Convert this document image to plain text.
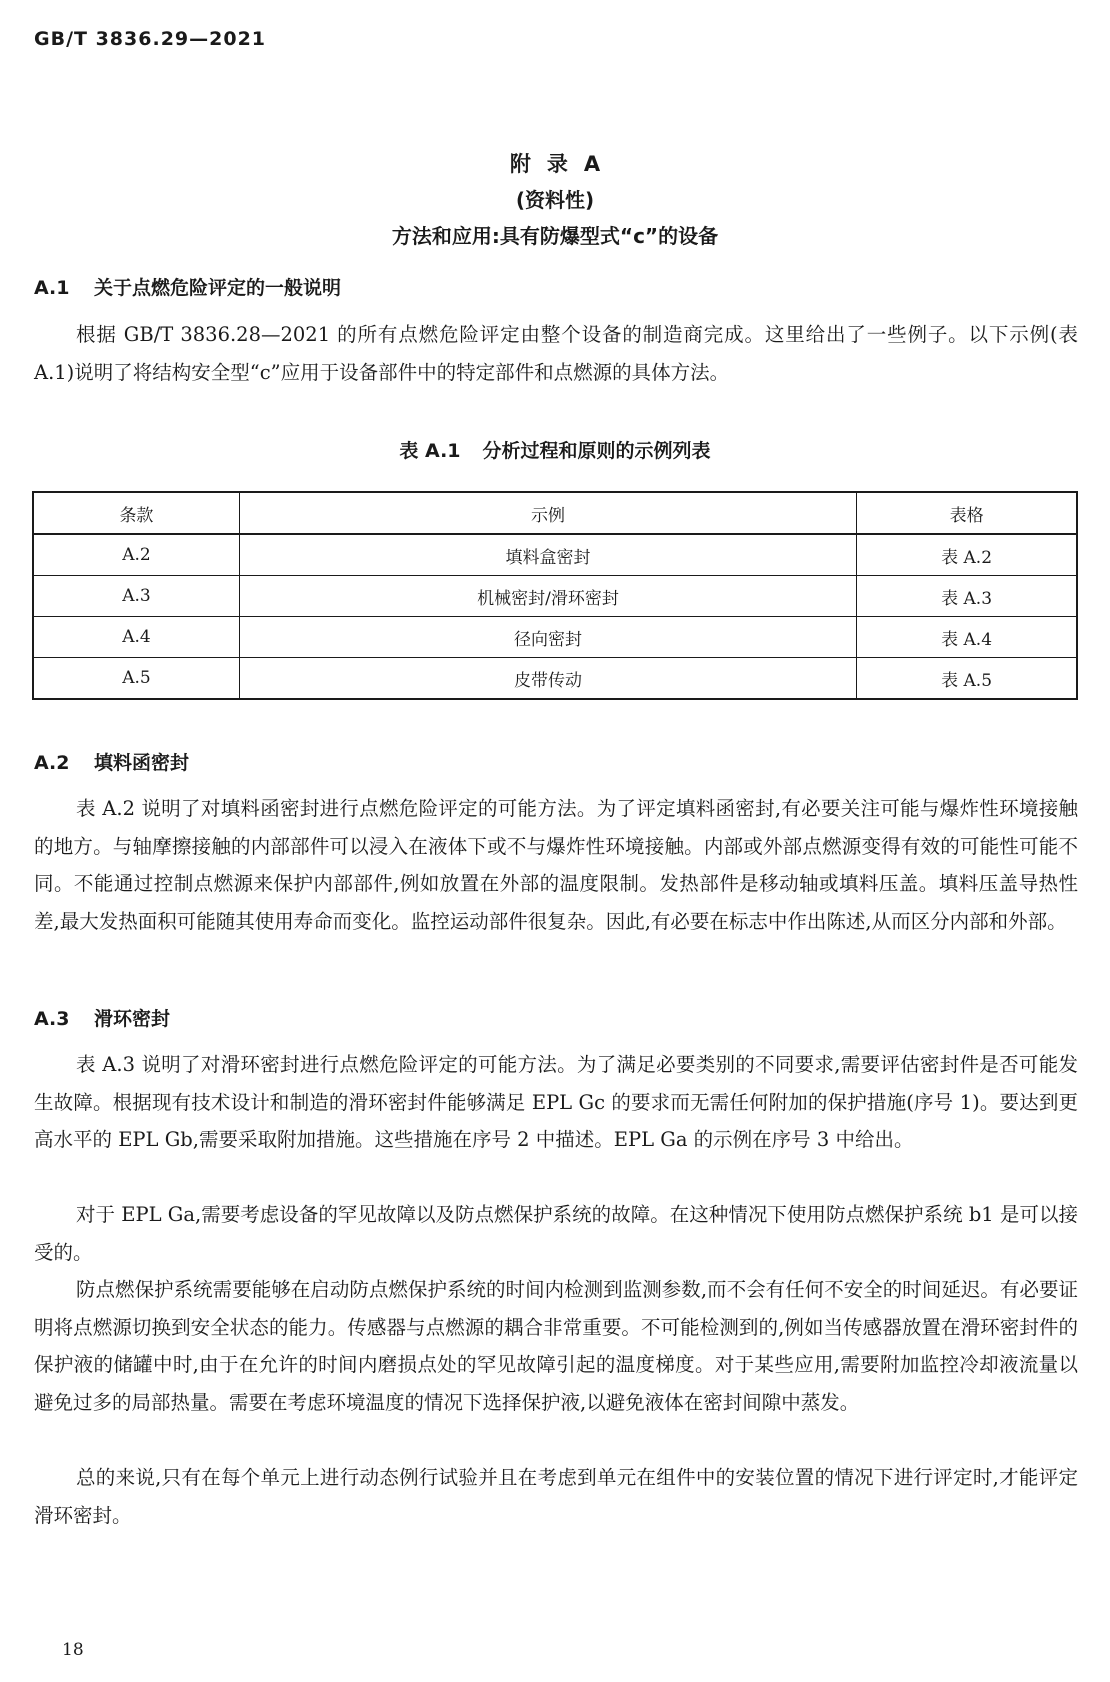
GB/T 3836.29—2021
附录A
(资料性)
方法和应用:具有防爆型式“c”的设备
A.1 关于点燃危险评定的一般说明

根据 GB/T 3836.28—2021 的所有点燃危险评定由整个设备的制造商完成。这里给出了一些例子。以下示例(表 A.1)说明了将结构安全型“c”应用于设备部件中的特定部件和点燃源的具体方法。

表 A.1 分析过程和原则的示例列表
条款	示例	表格
A.2	填料盒密封	表 A.2
A.3	机械密封/滑环密封	表 A.3
A.4	径向密封	表 A.4
A.5	皮带传动	表 A.5
A.2 填料函密封

表 A.2 说明了对填料函密封进行点燃危险评定的可能方法。为了评定填料函密封,有必要关注可能与爆炸性环境接触的地方。与轴摩擦接触的内部部件可以浸入在液体下或不与爆炸性环境接触。内部或外部点燃源变得有效的可能性可能不同。不能通过控制点燃源来保护内部部件,例如放置在外部的温度限制。发热部件是移动轴或填料压盖。填料压盖导热性差,最大发热面积可能随其使用寿命而变化。监控运动部件很复杂。因此,有必要在标志中作出陈述,从而区分内部和外部。

A.3 滑环密封

表 A.3 说明了对滑环密封进行点燃危险评定的可能方法。为了满足必要类别的不同要求,需要评估密封件是否可能发生故障。根据现有技术设计和制造的滑环密封件能够满足 EPL Gc 的要求而无需任何附加的保护措施(序号 1)。要达到更高水平的 EPL Gb,需要采取附加措施。这些措施在序号 2 中描述。EPL Ga 的示例在序号 3 中给出。

对于 EPL Ga,需要考虑设备的罕见故障以及防点燃保护系统的故障。在这种情况下使用防点燃保护系统 b1 是可以接受的。

防点燃保护系统需要能够在启动防点燃保护系统的时间内检测到监测参数,而不会有任何不安全的时间延迟。有必要证明将点燃源切换到安全状态的能力。传感器与点燃源的耦合非常重要。不可能检测到的,例如当传感器放置在滑环密封件的保护液的储罐中时,由于在允许的时间内磨损点处的罕见故障引起的温度梯度。对于某些应用,需要附加监控冷却液流量以避免过多的局部热量。需要在考虑环境温度的情况下选择保护液,以避免液体在密封间隙中蒸发。

总的来说,只有在每个单元上进行动态例行试验并且在考虑到单元在组件中的安装位置的情况下进行评定时,才能评定滑环密封。

18
